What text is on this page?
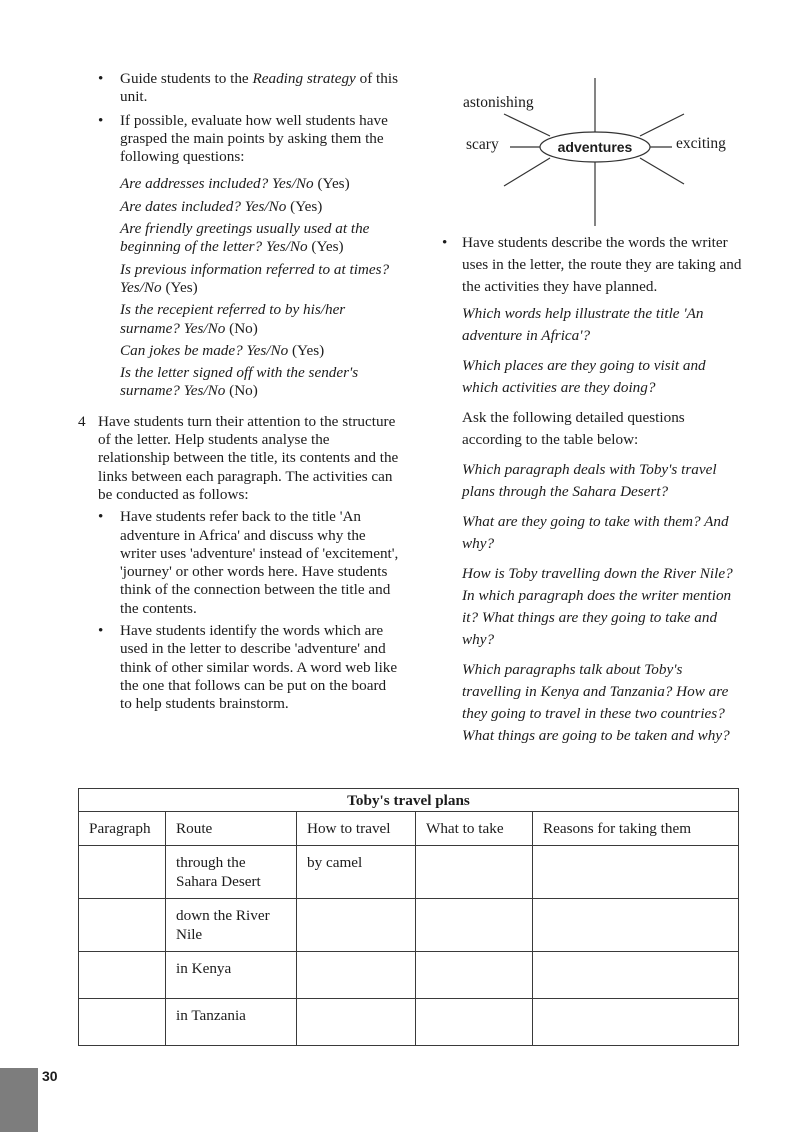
• Guide students to the Reading strategy of this unit.
• If possible, evaluate how well students have grasped the main points by asking them the following questions:

Are addresses included? Yes/No (Yes)

Are dates included? Yes/No (Yes)

Are friendly greetings usually used at the beginning of the letter? Yes/No (Yes)

Is previous information referred to at times? Yes/No (Yes)

Is the recepient referred to by his/her surname? Yes/No (No)

Can jokes be made? Yes/No (Yes)

Is the letter signed off with the sender's surname? Yes/No (No)

4 Have students turn their attention to the structure of the letter. Help students analyse the relationship between the title, its contents and the links between each paragraph. The activities can be conducted as follows:
• Have students refer back to the title 'An adventure in Africa' and discuss why the writer uses 'adventure' instead of 'excitement', 'journey' or other words here. Have students think of the connection between the title and the contents.
• Have students identify the words which are used in the letter to describe 'adventure' and think of other similar words. A word web like the one that follows can be put on the board to help students brainstorm.
adventures
astonishing
scary	exciting
• Have students describe the words the writer uses in the letter, the route they are taking and the activities they have planned.

Which words help illustrate the title 'An adventure in Africa'?

Which places are they going to visit and which activities are they doing?

Ask the following detailed questions according to the table below:

Which paragraph deals with Toby's travel plans through the Sahara Desert?

What are they going to take with them? And why?

How is Toby travelling down the River Nile? In which paragraph does the writer mention it? What things are they going to take and why?

Which paragraphs talk about Toby's travelling in Kenya and Tanzania? How are they going to travel in these two countries? What things are going to be taken and why?

Toby's travel plans				
Paragraph	Route	How to travel	What to take	Reasons for taking them
	through the Sahara Desert	by camel		
	down the River Nile			
	in Kenya			
	in Tanzania			
30
